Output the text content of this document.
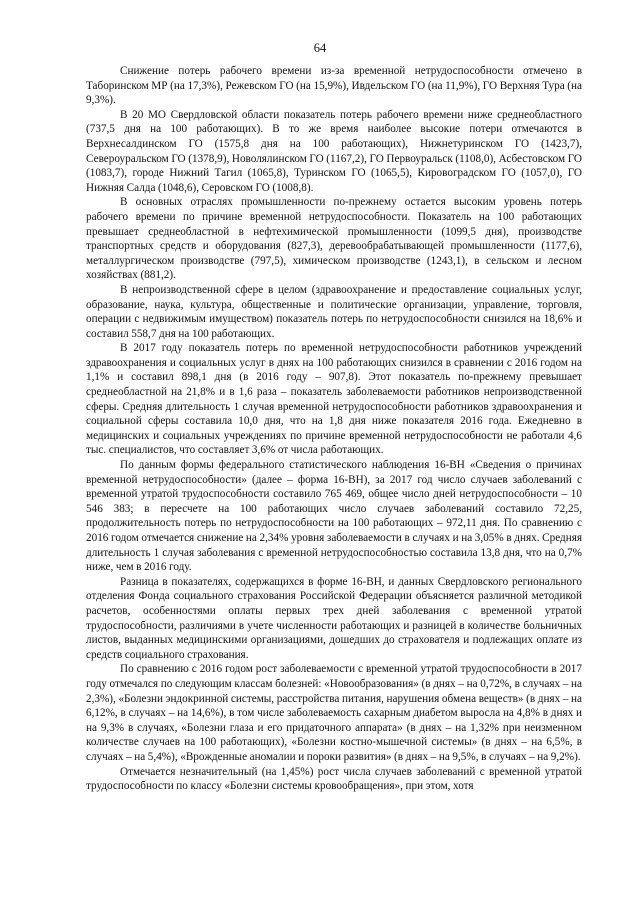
64

Снижение потерь рабочего времени из-за временной нетрудоспособности отмечено в Таборинском МР (на 17,3%), Режевском ГО (на 15,9%), Ивдельском ГО (на 11,9%), ГО Верхняя Тура (на 9,3%).

В 20 МО Свердловской области показатель потерь рабочего времени ниже среднеобластного (737,5 дня на 100 работающих). В то же время наиболее высокие потери отмечаются в Верхнесалдинском ГО (1575,8 дня на 100 работающих), Нижнетуринском ГО (1423,7), Североуральском ГО (1378,9), Новолялинском ГО (1167,2), ГО Первоуральск (1108,0), Асбестовском ГО (1083,7), городе Нижний Тагил (1065,8), Туринском ГО (1065,5), Кировоградском ГО (1057,0), ГО Нижняя Салда (1048,6), Серовском ГО (1008,8).

В основных отраслях промышленности по-прежнему остается высоким уровень потерь рабочего времени по причине временной нетрудоспособности. Показатель на 100 работающих превышает среднеобластной в нефтехимической промышленности (1099,5 дня), производстве транспортных средств и оборудования (827,3), деревообрабатывающей промышленности (1177,6), металлургическом производстве (797,5), химическом производстве (1243,1), в сельском и лесном хозяйствах (881,2).

В непроизводственной сфере в целом (здравоохранение и предоставление социальных услуг, образование, наука, культура, общественные и политические организации, управление, торговля, операции с недвижимым имуществом) показатель потерь по нетрудоспособности снизился на 18,6% и составил 558,7 дня на 100 работающих.

В 2017 году показатель потерь по временной нетрудоспособности работников учреждений здравоохранения и социальных услуг в днях на 100 работающих снизился в сравнении с 2016 годом на 1,1% и составил 898,1 дня (в 2016 году – 907,8). Этот показатель по-прежнему превышает среднеобластной на 21,8% и в 1,6 раза – показатель заболеваемости работников непроизводственной сферы. Средняя длительность 1 случая временной нетрудоспособности работников здравоохранения и социальной сферы составила 10,0 дня, что на 1,8 дня ниже показателя 2016 года. Ежедневно в медицинских и социальных учреждениях по причине временной нетрудоспособности не работали 4,6 тыс. специалистов, что составляет 3,6% от числа работающих.

По данным формы федерального статистического наблюдения 16-ВН «Сведения о причинах временной нетрудоспособности» (далее – форма 16-ВН), за 2017 год число случаев заболеваний с временной утратой трудоспособности составило 765 469, общее число дней нетрудоспособности – 10 546 383; в пересчете на 100 работающих число случаев заболеваний составило 72,25, продолжительность потерь по нетрудоспособности на 100 работающих – 972,11 дня. По сравнению с 2016 годом отмечается снижение на 2,34% уровня заболеваемости в случаях и на 3,05% в днях. Средняя длительность 1 случая заболевания с временной нетрудоспособностью составила 13,8 дня, что на 0,7% ниже, чем в 2016 году.

Разница в показателях, содержащихся в форме 16-ВН, и данных Свердловского регионального отделения Фонда социального страхования Российской Федерации объясняется различной методикой расчетов, особенностями оплаты первых трех дней заболевания с временной утратой трудоспособности, различиями в учете численности работающих и разницей в количестве больничных листов, выданных медицинскими организациями, дошедших до страхователя и подлежащих оплате из средств социального страхования.

По сравнению с 2016 годом рост заболеваемости с временной утратой трудоспособности в 2017 году отмечался по следующим классам болезней: «Новообразования» (в днях – на 0,72%, в случаях – на 2,3%), «Болезни эндокринной системы, расстройства питания, нарушения обмена веществ» (в днях – на 6,12%, в случаях – на 14,6%), в том числе заболеваемость сахарным диабетом выросла на 4,8% в днях и на 9,3% в случаях, «Болезни глаза и его придаточного аппарата» (в днях – на 1,32% при неизменном количестве случаев на 100 работающих), «Болезни костно-мышечной системы» (в днях – на 6,5%, в случаях – на 5,4%), «Врожденные аномалии и пороки развития» (в днях – на 9,5%, в случаях – на 9,2%).

Отмечается незначительный (на 1,45%) рост числа случаев заболеваний с временной утратой трудоспособности по классу «Болезни системы кровообращения», при этом, хотя
